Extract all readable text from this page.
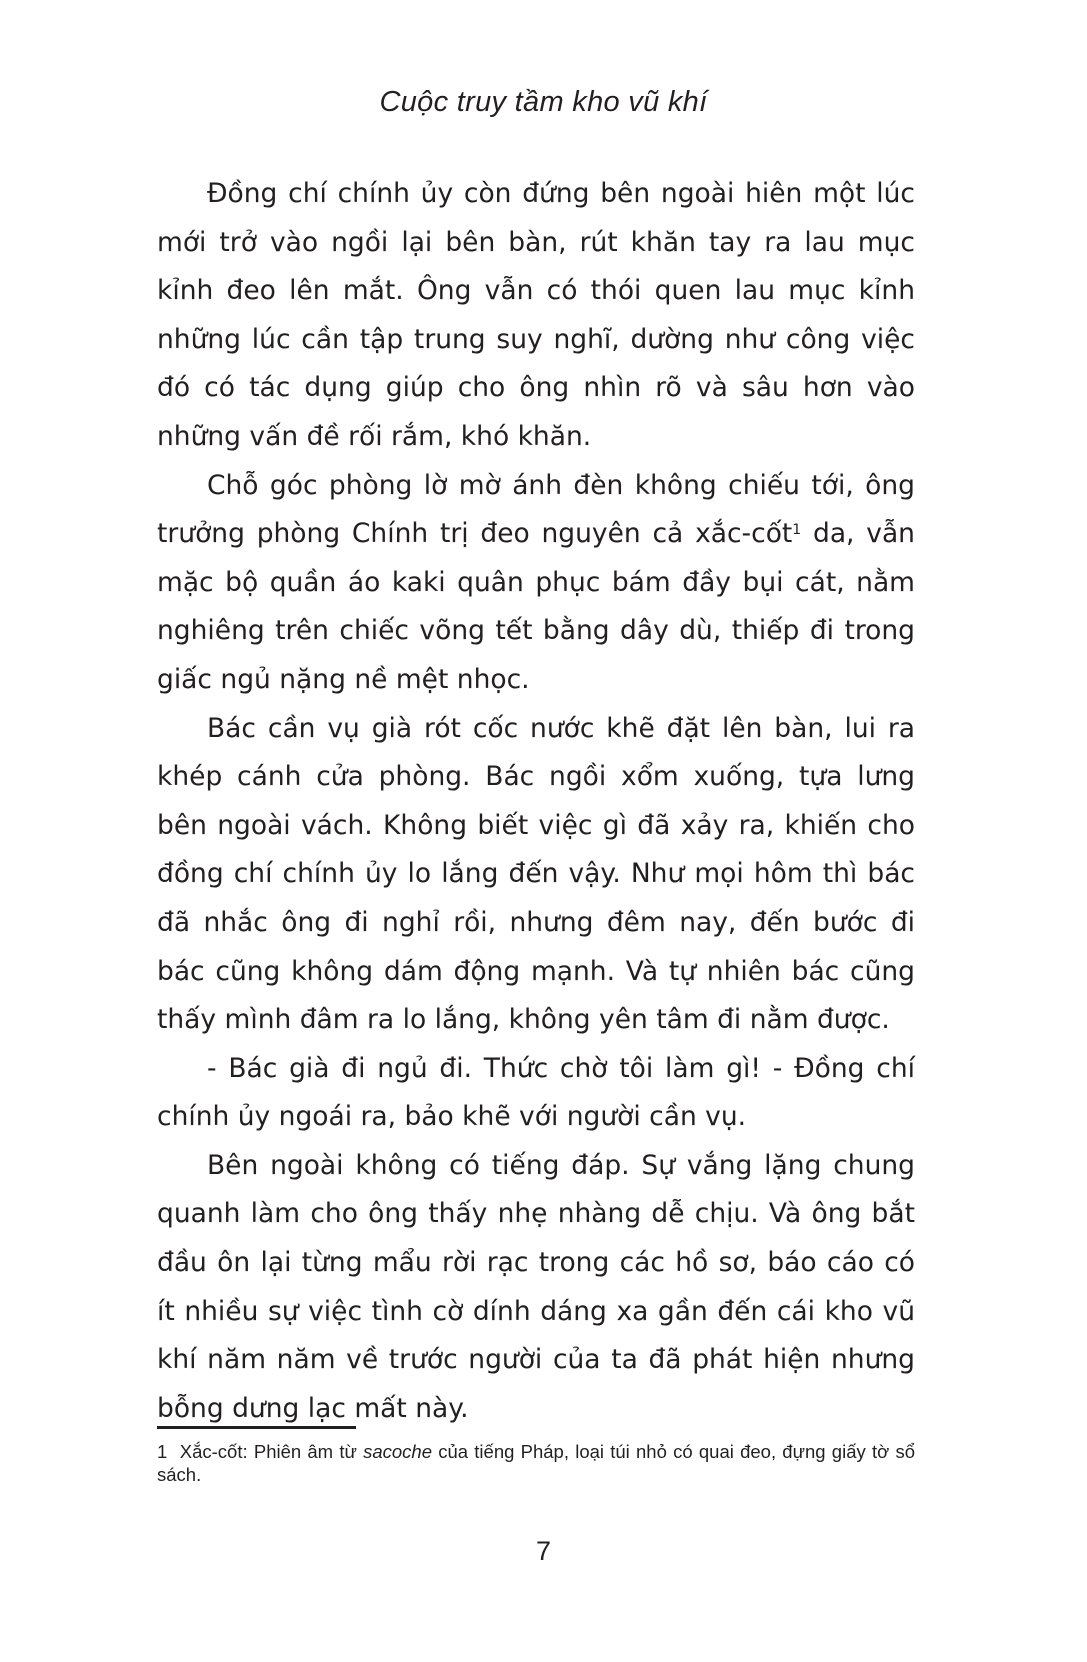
Cuộc truy tầm kho vũ khí

Đồng chí chính ủy còn đứng bên ngoài hiên một lúc mới trở vào ngồi lại bên bàn, rút khăn tay ra lau mục kỉnh đeo lên mắt. Ông vẫn có thói quen lau mục kỉnh những lúc cần tập trung suy nghĩ, dường như công việc đó có tác dụng giúp cho ông nhìn rõ và sâu hơn vào những vấn đề rối rắm, khó khăn.

Chỗ góc phòng lờ mờ ánh đèn không chiếu tới, ông trưởng phòng Chính trị đeo nguyên cả xắc-cốt$^1$ da, vẫn mặc bộ quần áo kaki quân phục bám đầy bụi cát, nằm nghiêng trên chiếc võng tết bằng dây dù, thiếp đi trong giấc ngủ nặng nề mệt nhọc.

Bác cần vụ già rót cốc nước khẽ đặt lên bàn, lui ra khép cánh cửa phòng. Bác ngồi xổm xuống, tựa lưng bên ngoài vách. Không biết việc gì đã xảy ra, khiến cho đồng chí chính ủy lo lắng đến vậy. Như mọi hôm thì bác đã nhắc ông đi nghỉ rồi, nhưng đêm nay, đến bước đi bác cũng không dám động mạnh. Và tự nhiên bác cũng thấy mình đâm ra lo lắng, không yên tâm đi nằm được.

- Bác già đi ngủ đi. Thức chờ tôi làm gì! - Đồng chí chính ủy ngoái ra, bảo khẽ với người cần vụ.

Bên ngoài không có tiếng đáp. Sự vắng lặng chung quanh làm cho ông thấy nhẹ nhàng dễ chịu. Và ông bắt đầu ôn lại từng mẩu rời rạc trong các hồ sơ, báo cáo có ít nhiều sự việc tình cờ dính dáng xa gần đến cái kho vũ khí năm năm về trước người của ta đã phát hiện nhưng bỗng dưng lạc mất này.

1 Xắc-cốt: Phiên âm từ sacoche của tiếng Pháp, loại túi nhỏ có quai đeo, đựng giấy tờ sổ sách.
7
